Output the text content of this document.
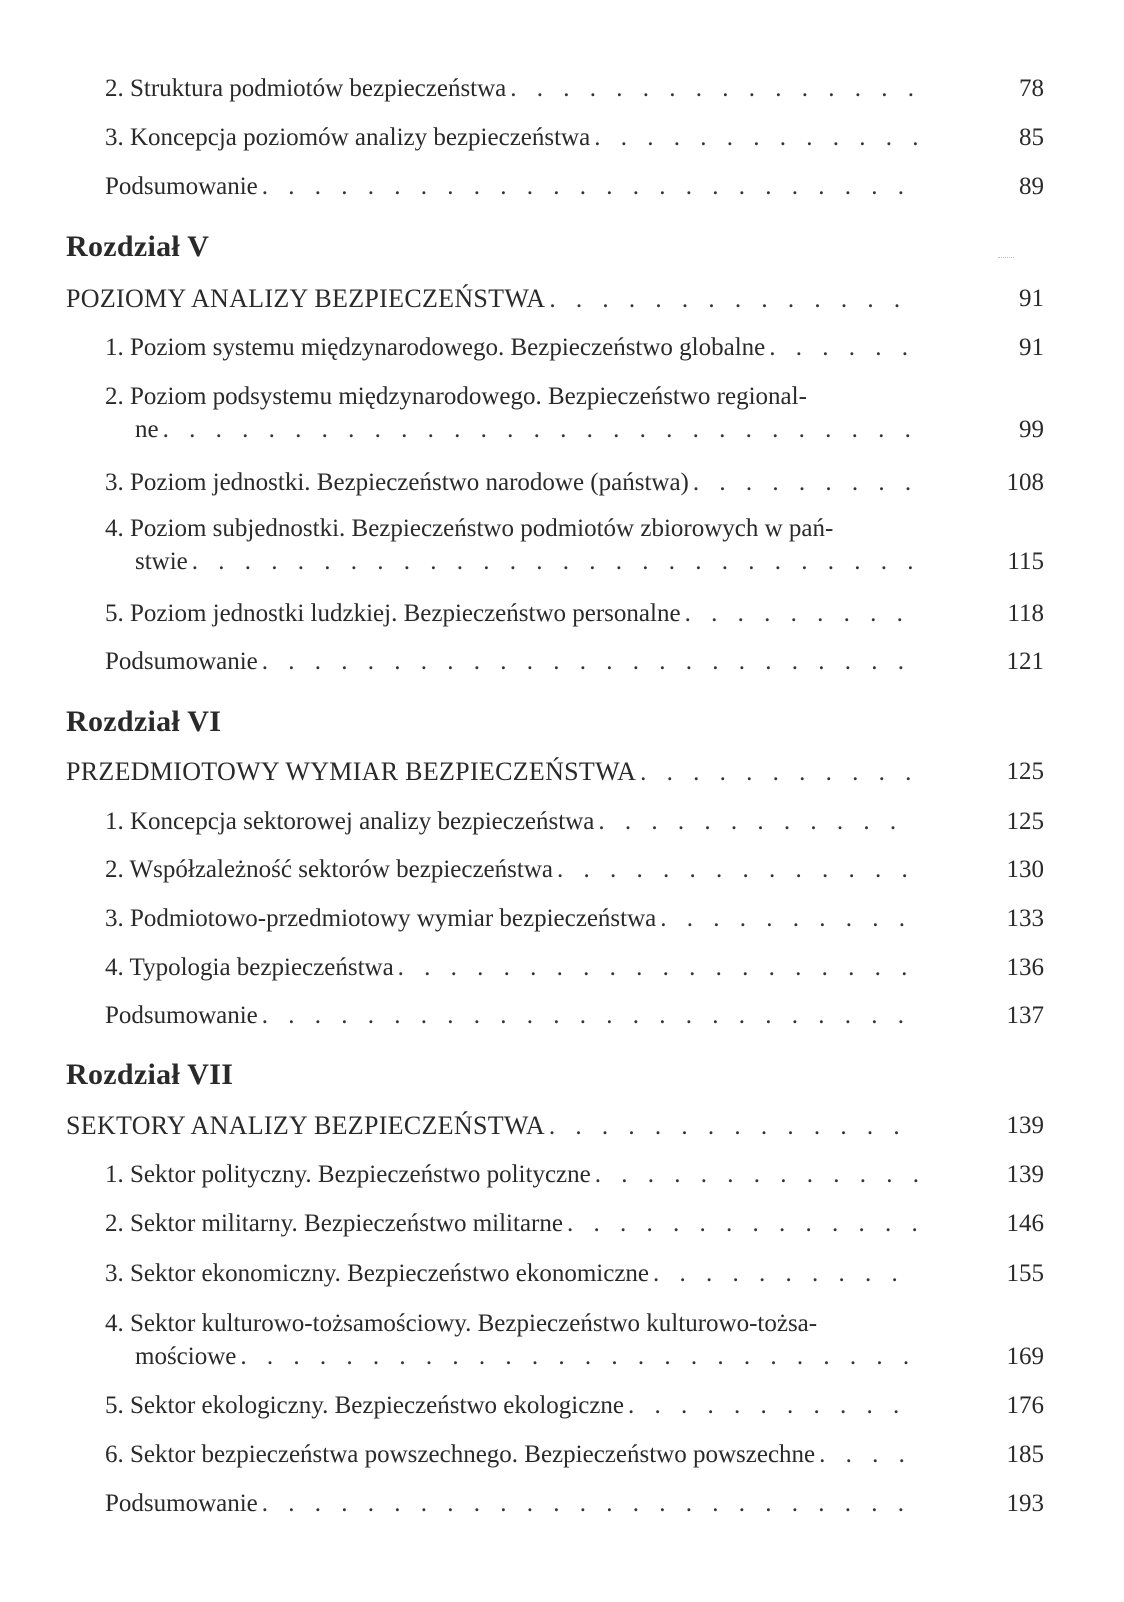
2. Struktura podmiotów bezpieczeństwa . . .	78
3. Koncepcja poziomów analizy bezpieczeństwa . . .	85
Podsumowanie . . .	89
Rozdział V
POZIOMY ANALIZY BEZPIECZEŃSTWA . . .	91
1. Poziom systemu międzynarodowego. Bezpieczeństwo globalne . . .	91
2. Poziom podsystemu międzynarodowego. Bezpieczeństwo regional-
ne . . .	99
3. Poziom jednostki. Bezpieczeństwo narodowe (państwa) . . .	108
4. Poziom subjednostki. Bezpieczeństwo podmiotów zbiorowych w pań-
stwie . . .	115
5. Poziom jednostki ludzkiej. Bezpieczeństwo personalne . . .	118
Podsumowanie . . .	121
Rozdział VI
PRZEDMIOTOWY WYMIAR BEZPIECZEŃSTWA . . .	125
1. Koncepcja sektorowej analizy bezpieczeństwa . . .	125
2. Współzależność sektorów bezpieczeństwa . . .	130
3. Podmiotowo-przedmiotowy wymiar bezpieczeństwa . . .	133
4. Typologia bezpieczeństwa . . .	136
Podsumowanie . . .	137
Rozdział VII
SEKTORY ANALIZY BEZPIECZEŃSTWA . . .	139
1. Sektor polityczny. Bezpieczeństwo polityczne . . .	139
2. Sektor militarny. Bezpieczeństwo militarne . . .	146
3. Sektor ekonomiczny. Bezpieczeństwo ekonomiczne . . .	155
4. Sektor kulturowo-tożsamościowy. Bezpieczeństwo kulturowo-tożsa-
mościowe . . .	169
5. Sektor ekologiczny. Bezpieczeństwo ekologiczne . . .	176
6. Sektor bezpieczeństwa powszechnego. Bezpieczeństwo powszechne . . .	185
Podsumowanie . . .	193
